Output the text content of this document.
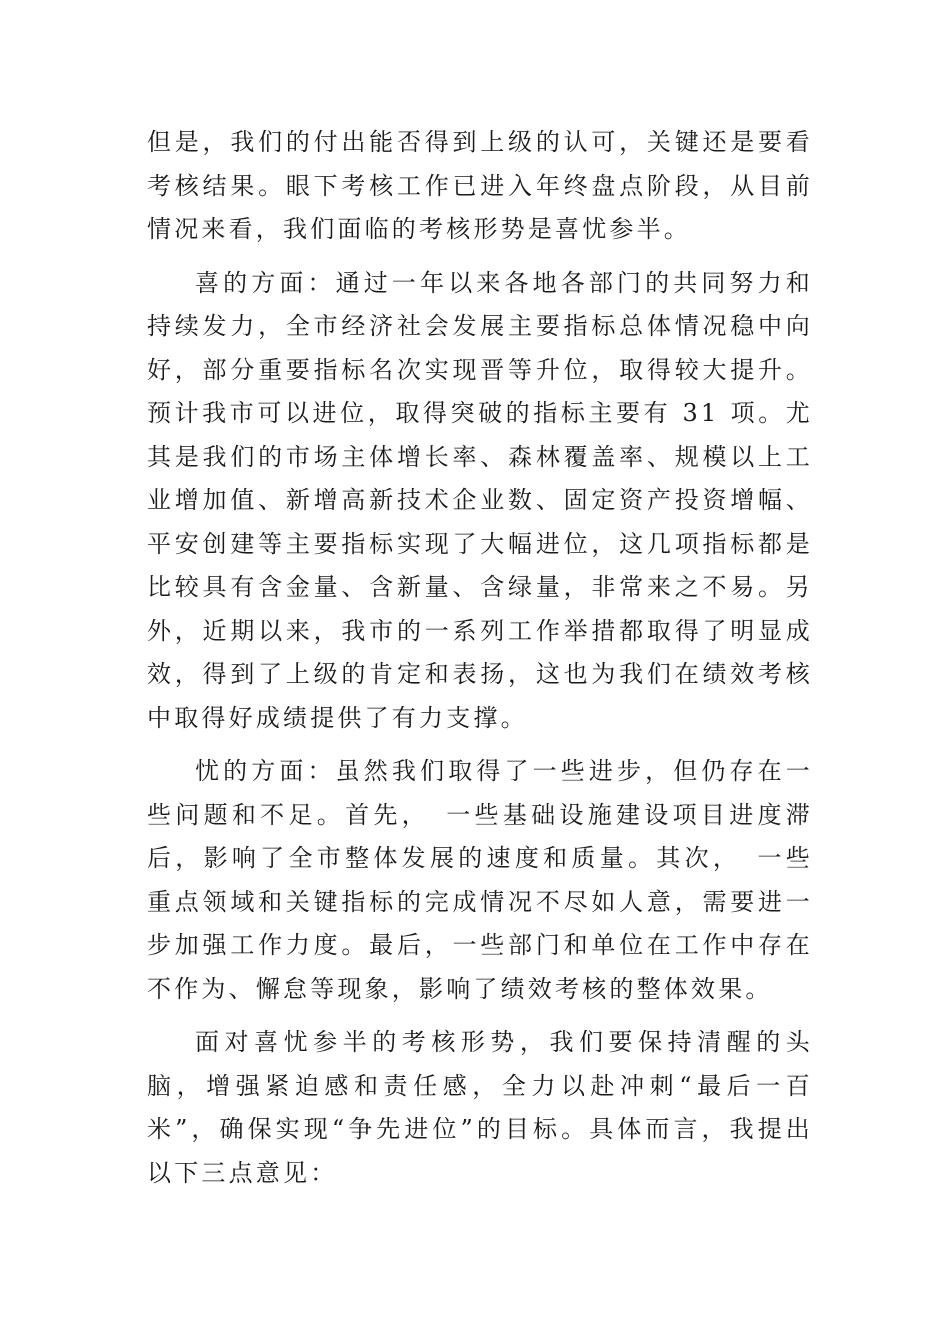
但是，我们的付出能否得到上级的认可，关键还是要看考核结果。眼下考核工作已进入年终盘点阶段，从目前情况来看，我们面临的考核形势是喜忧参半。

喜的方面：通过一年以来各地各部门的共同努力和持续发力，全市经济社会发展主要指标总体情况稳中向好，部分重要指标名次实现晋等升位，取得较大提升。预计我市可以进位，取得突破的指标主要有 31 项。尤其是我们的市场主体增长率、森林覆盖率、规模以上工业增加值、新增高新技术企业数、固定资产投资增幅、平安创建等主要指标实现了大幅进位，这几项指标都是比较具有含金量、含新量、含绿量，非常来之不易。另外，近期以来，我市的一系列工作举措都取得了明显成效，得到了上级的肯定和表扬，这也为我们在绩效考核中取得好成绩提供了有力支撑。

忧的方面：虽然我们取得了一些进步，但仍存在一些问题和不足。首先，　一些基础设施建设项目进度滞后，影响了全市整体发展的速度和质量。其次，　一些重点领域和关键指标的完成情况不尽如人意，需要进一步加强工作力度。最后，一些部门和单位在工作中存在不作为、懈怠等现象，影响了绩效考核的整体效果。

面对喜忧参半的考核形势，我们要保持清醒的头脑，增强紧迫感和责任感，全力以赴冲刺“最后一百米”，确保实现“争先进位”的目标。具体而言，我提出以下三点意见：
